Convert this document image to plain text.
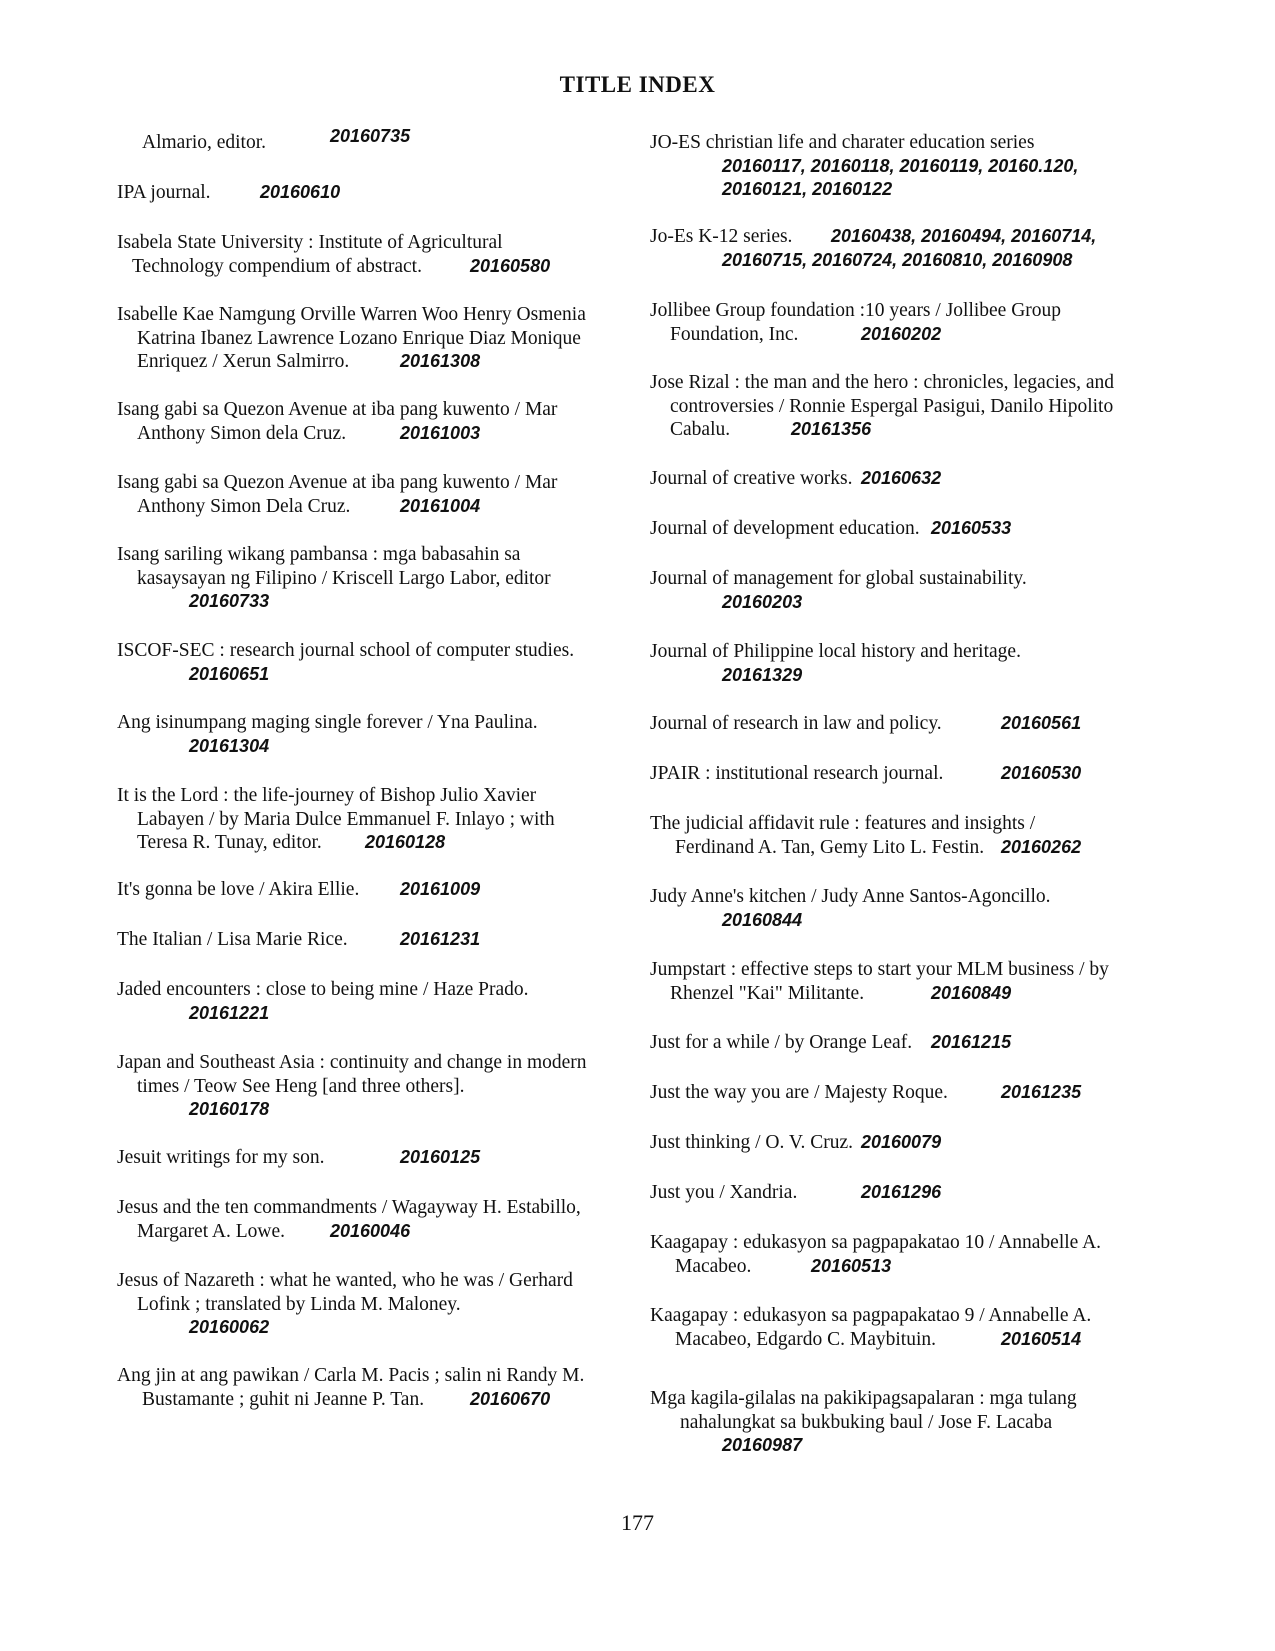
TITLE INDEX
Almario, editor.	20160735
IPA journal.	20160610
Isabela State University : Institute of Agricultural
Technology compendium of abstract.	20160580
Isabelle Kae Namgung Orville Warren Woo Henry Osmenia
Katrina Ibanez Lawrence Lozano Enrique Diaz Monique
Enriquez / Xerun Salmirro.	20161308
Isang gabi sa Quezon Avenue at iba pang kuwento / Mar
Anthony Simon dela Cruz.	20161003
Isang gabi sa Quezon Avenue at iba pang kuwento / Mar
Anthony Simon Dela Cruz.	20161004
Isang sariling wikang pambansa : mga babasahin sa
kasaysayan ng Filipino / Kriscell Largo Labor, editor
20160733
ISCOF-SEC : research journal school of computer studies.
20160651
Ang isinumpang maging single forever / Yna Paulina.
20161304
It is the Lord : the life-journey of Bishop Julio Xavier
Labayen / by Maria Dulce Emmanuel F. Inlayo ; with
Teresa R. Tunay, editor.	20160128
It's gonna be love / Akira Ellie.	20161009
The Italian / Lisa Marie Rice.	20161231
Jaded encounters : close to being mine / Haze Prado.
20161221
Japan and Southeast Asia : continuity and change in modern
times / Teow See Heng [and three others].
20160178
Jesuit writings for my son.	20160125
Jesus and the ten commandments / Wagayway H. Estabillo,
Margaret A. Lowe.	20160046
Jesus of Nazareth : what he wanted, who he was / Gerhard
Lofink ; translated by Linda M. Maloney.
20160062
Ang jin at ang pawikan / Carla M. Pacis ; salin ni Randy M.
Bustamante ; guhit ni Jeanne P. Tan.	20160670
JO-ES christian life and charater education series
20160117, 20160118, 20160119, 20160.120,
20160121, 20160122
Jo-Es K-12 series.	20160438, 20160494, 20160714,
20160715, 20160724, 20160810, 20160908
Jollibee Group foundation :10 years / Jollibee Group
Foundation, Inc.	20160202
Jose Rizal : the man and the hero : chronicles, legacies, and
controversies / Ronnie Espergal Pasigui, Danilo Hipolito
Cabalu.	20161356
Journal of creative works. 20160632
Journal of development education. 20160533
Journal of management for global sustainability.
20160203
Journal of Philippine local history and heritage.
20161329
Journal of research in law and policy.	20160561
JPAIR : institutional research journal.	20160530
The judicial affidavit rule : features and insights /
Ferdinand A. Tan, Gemy Lito L. Festin. 20160262
Judy Anne's kitchen / Judy Anne Santos-Agoncillo.
20160844
Jumpstart : effective steps to start your MLM business / by
Rhenzel "Kai" Militante.	20160849
Just for a while / by Orange Leaf.	20161215
Just the way you are / Majesty Roque.	20161235
Just thinking / O. V. Cruz. 20160079
Just you / Xandria.	20161296
Kaagapay : edukasyon sa pagpapakatao 10 / Annabelle A.
Macabeo.	20160513
Kaagapay : edukasyon sa pagpapakatao 9 / Annabelle A.
Macabeo, Edgardo C. Maybituin.	20160514
Mga kagila-gilalas na pakikipagsapalaran : mga tulang
nahalungkat sa bukbuking baul / Jose F. Lacaba
20160987
177
